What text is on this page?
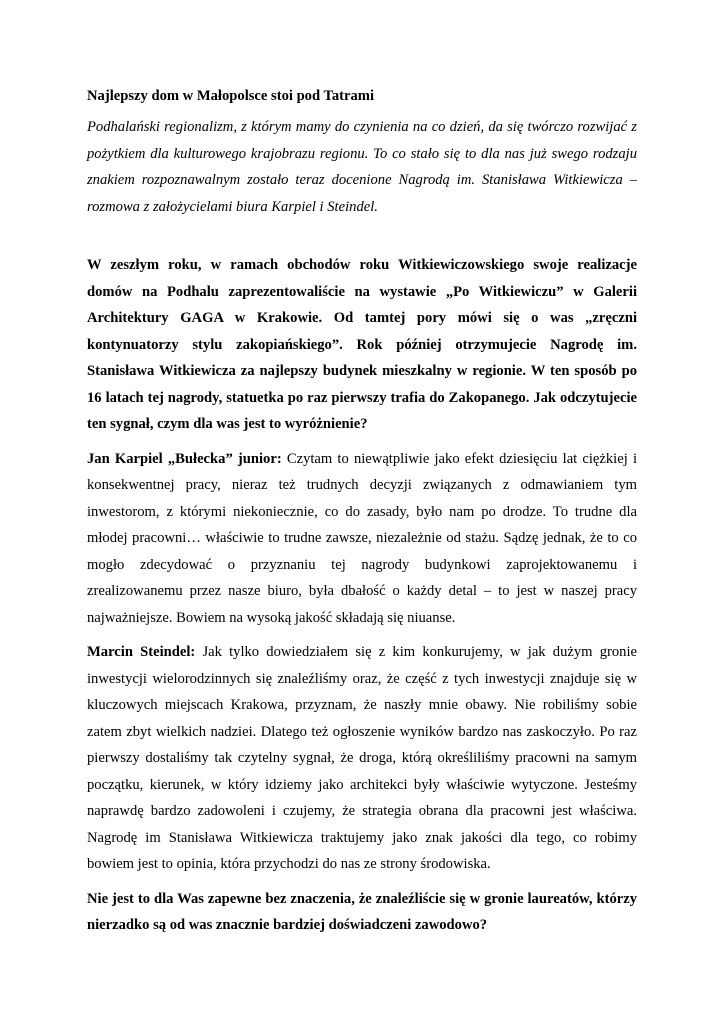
Najlepszy dom w Małopolsce stoi pod Tatrami

Podhalański regionalizm, z którym mamy do czynienia na co dzień, da się twórczo rozwijać z pożytkiem dla kulturowego krajobrazu regionu. To co stało się to dla nas już swego rodzaju znakiem rozpoznawalnym zostało teraz docenione Nagrodą im. Stanisława Witkiewicza – rozmowa z założycielami biura Karpiel i Steindel.

W zeszłym roku, w ramach obchodów roku Witkiewiczowskiego swoje realizacje domów na Podhalu zaprezentowaliście na wystawie „Po Witkiewiczu” w Galerii Architektury GAGA w Krakowie. Od tamtej pory mówi się o was „zręczni kontynuatorzy stylu zakopiańskiego”. Rok później otrzymujecie Nagrodę im. Stanisława Witkiewicza za najlepszy budynek mieszkalny w regionie. W ten sposób po 16 latach tej nagrody, statuetka po raz pierwszy trafia do Zakopanego. Jak odczytujecie ten sygnał, czym dla was jest to wyróżnienie?

Jan Karpiel „Bułecka” junior: Czytam to niewątpliwie jako efekt dziesięciu lat ciężkiej i konsekwentnej pracy, nieraz też trudnych decyzji związanych z odmawianiem tym inwestorom, z którymi niekoniecznie, co do zasady, było nam po drodze. To trudne dla młodej pracowni… właściwie to trudne zawsze, niezależnie od stażu. Sądzę jednak, że to co mogło zdecydować o przyznaniu tej nagrody budynkowi zaprojektowanemu i zrealizowanemu przez nasze biuro, była dbałość o każdy detal – to jest w naszej pracy najważniejsze. Bowiem na wysoką jakość składają się niuanse.

Marcin Steindel: Jak tylko dowiedziałem się z kim konkurujemy, w jak dużym gronie inwestycji wielorodzinnych się znaleźliśmy oraz, że część z tych inwestycji znajduje się w kluczowych miejscach Krakowa, przyznam, że naszły mnie obawy. Nie robiliśmy sobie zatem zbyt wielkich nadziei. Dlatego też ogłoszenie wyników bardzo nas zaskoczyło. Po raz pierwszy dostaliśmy tak czytelny sygnał, że droga, którą określiliśmy pracowni na samym początku, kierunek, w który idziemy jako architekci były właściwie wytyczone. Jesteśmy naprawdę bardzo zadowoleni i czujemy, że strategia obrana dla pracowni jest właściwa. Nagrodę im Stanisława Witkiewicza traktujemy jako znak jakości dla tego, co robimy bowiem jest to opinia, która przychodzi do nas ze strony środowiska.

Nie jest to dla Was zapewne bez znaczenia, że znaleźliście się w gronie laureatów, którzy nierzadko są od was znacznie bardziej doświadczeni zawodowo?
